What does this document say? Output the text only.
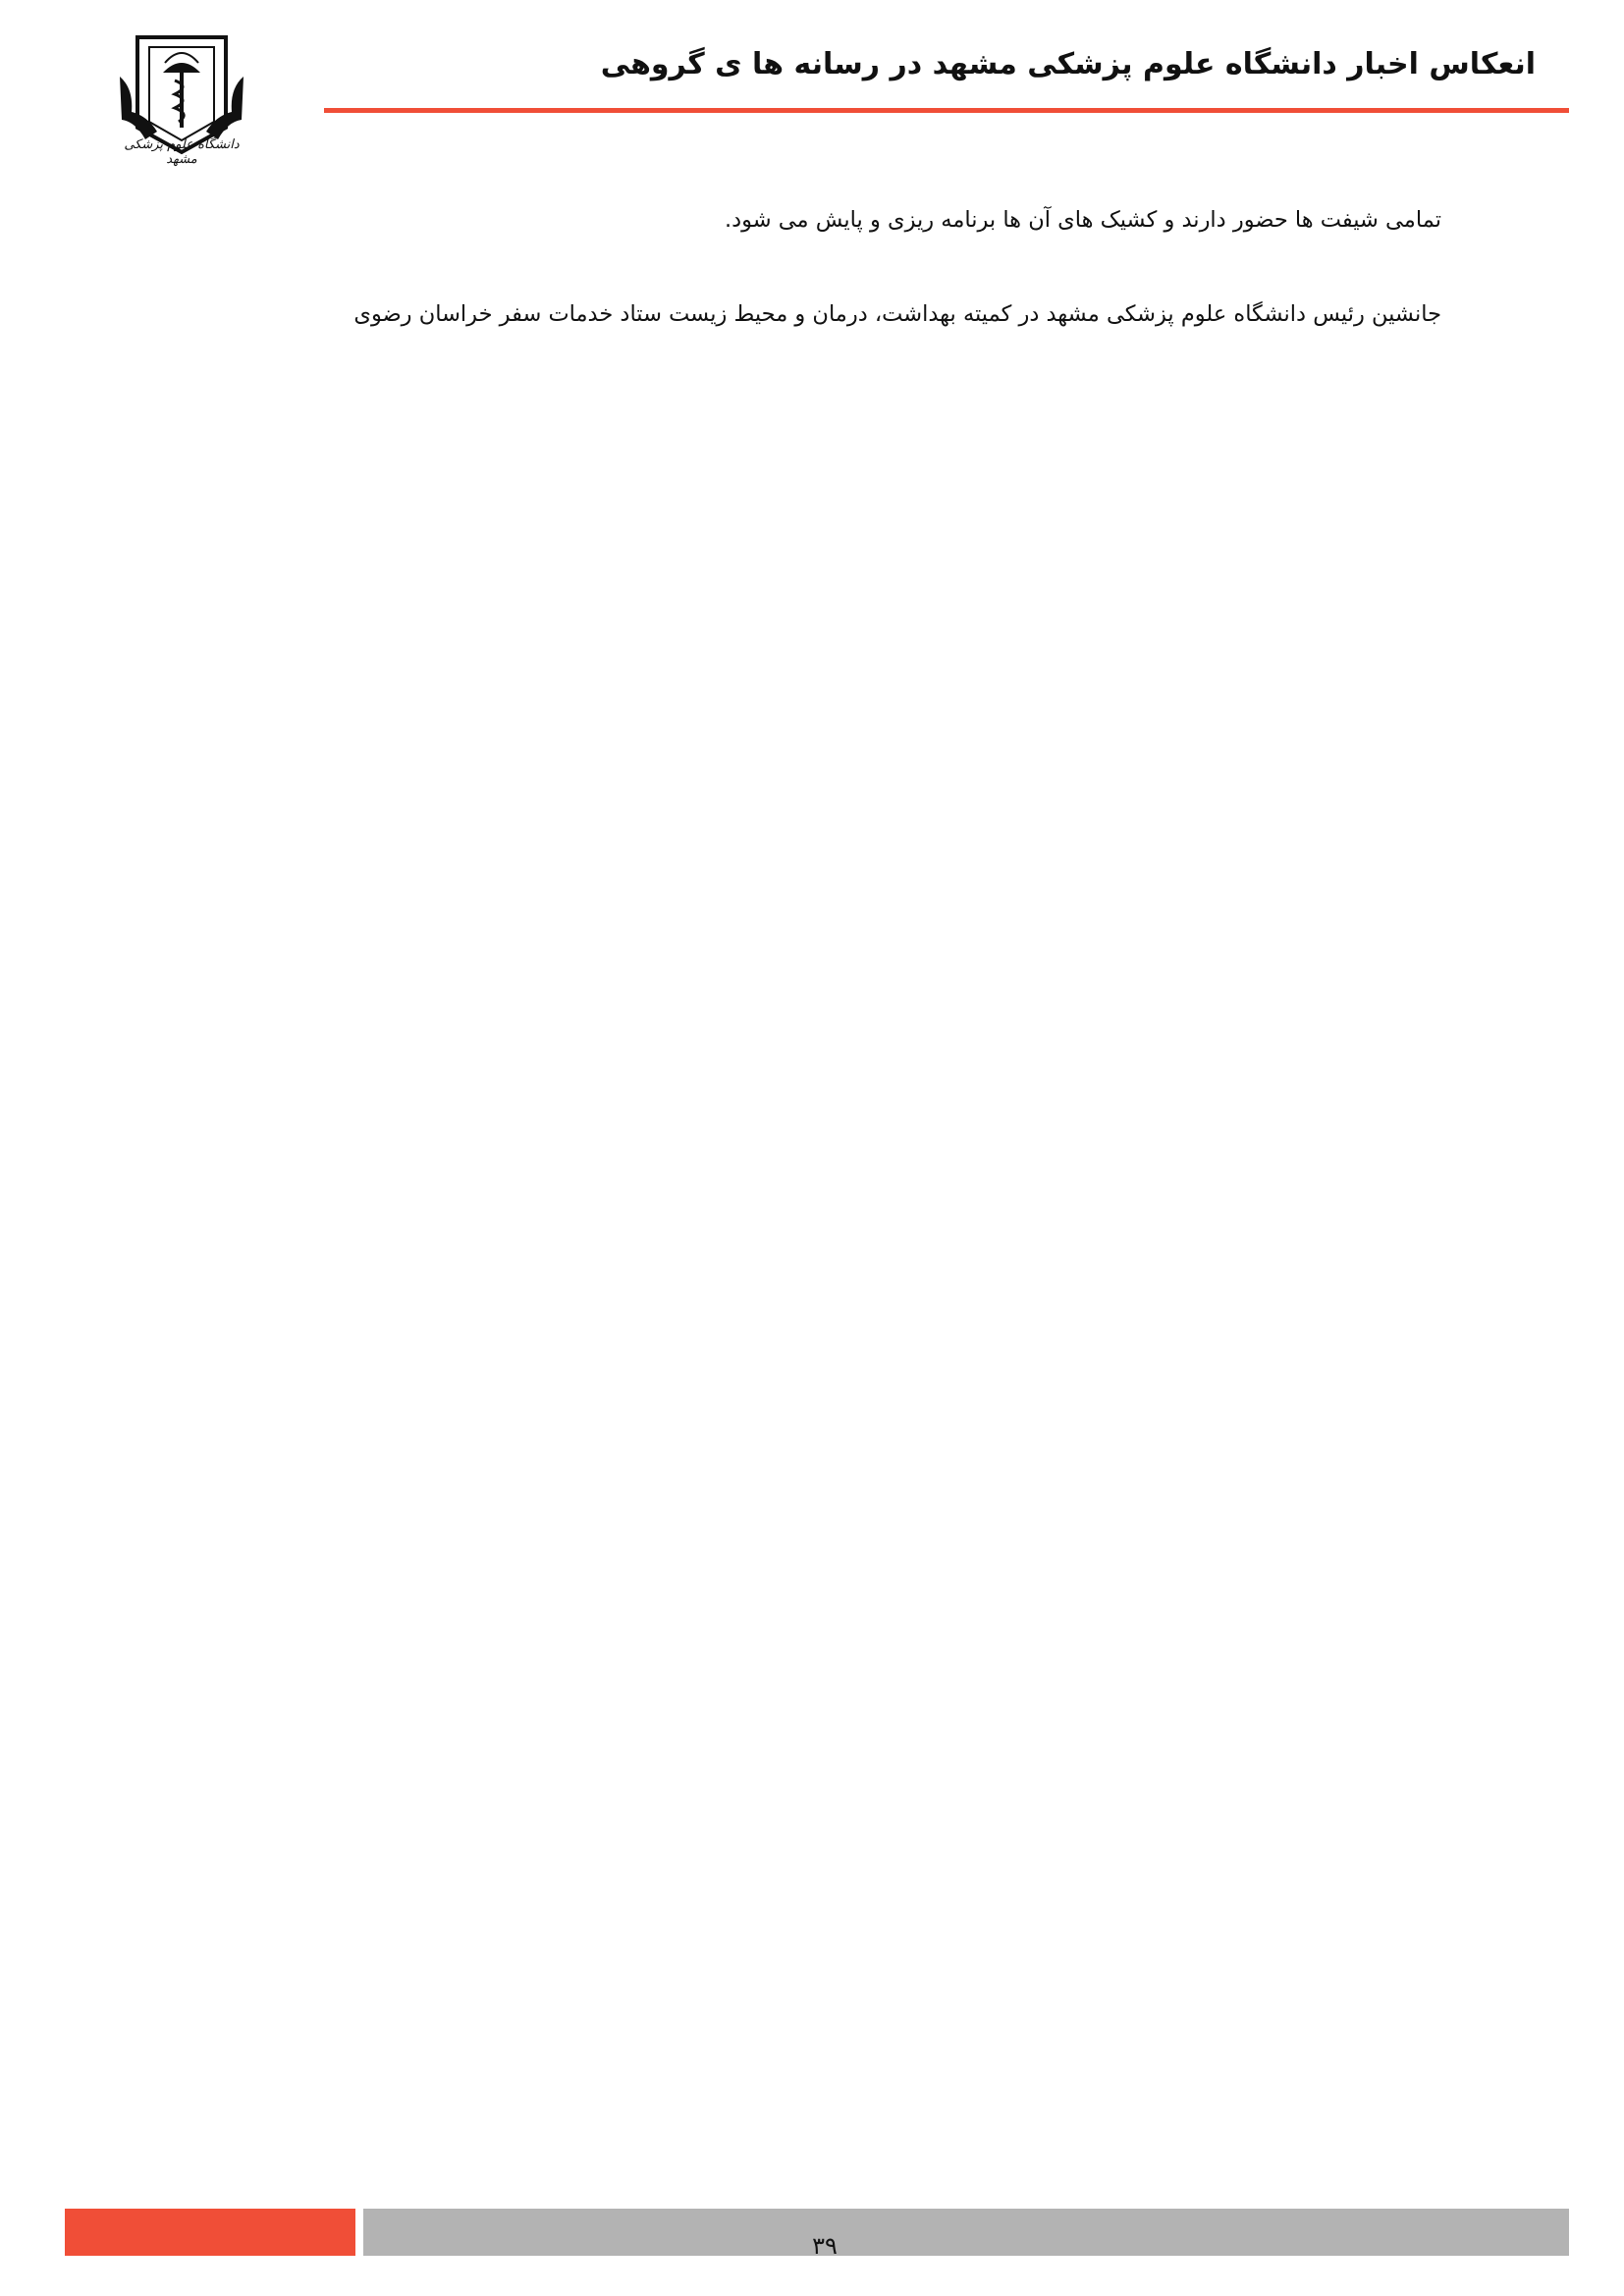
انعکاس اخبار دانشگاه علوم پزشکی مشهد در رسانه ها ی گروهی
دانشگاه علوم پزشکی مشهد

تمامی شیفت ها حضور دارند و کشیک های آن ها برنامه ریزی و پایش می شود.

جانشین رئیس دانشگاه علوم پزشکی مشهد در کمیته بهداشت، درمان و محیط زیست ستاد خدمات سفر خراسان رضوی

۳۹
